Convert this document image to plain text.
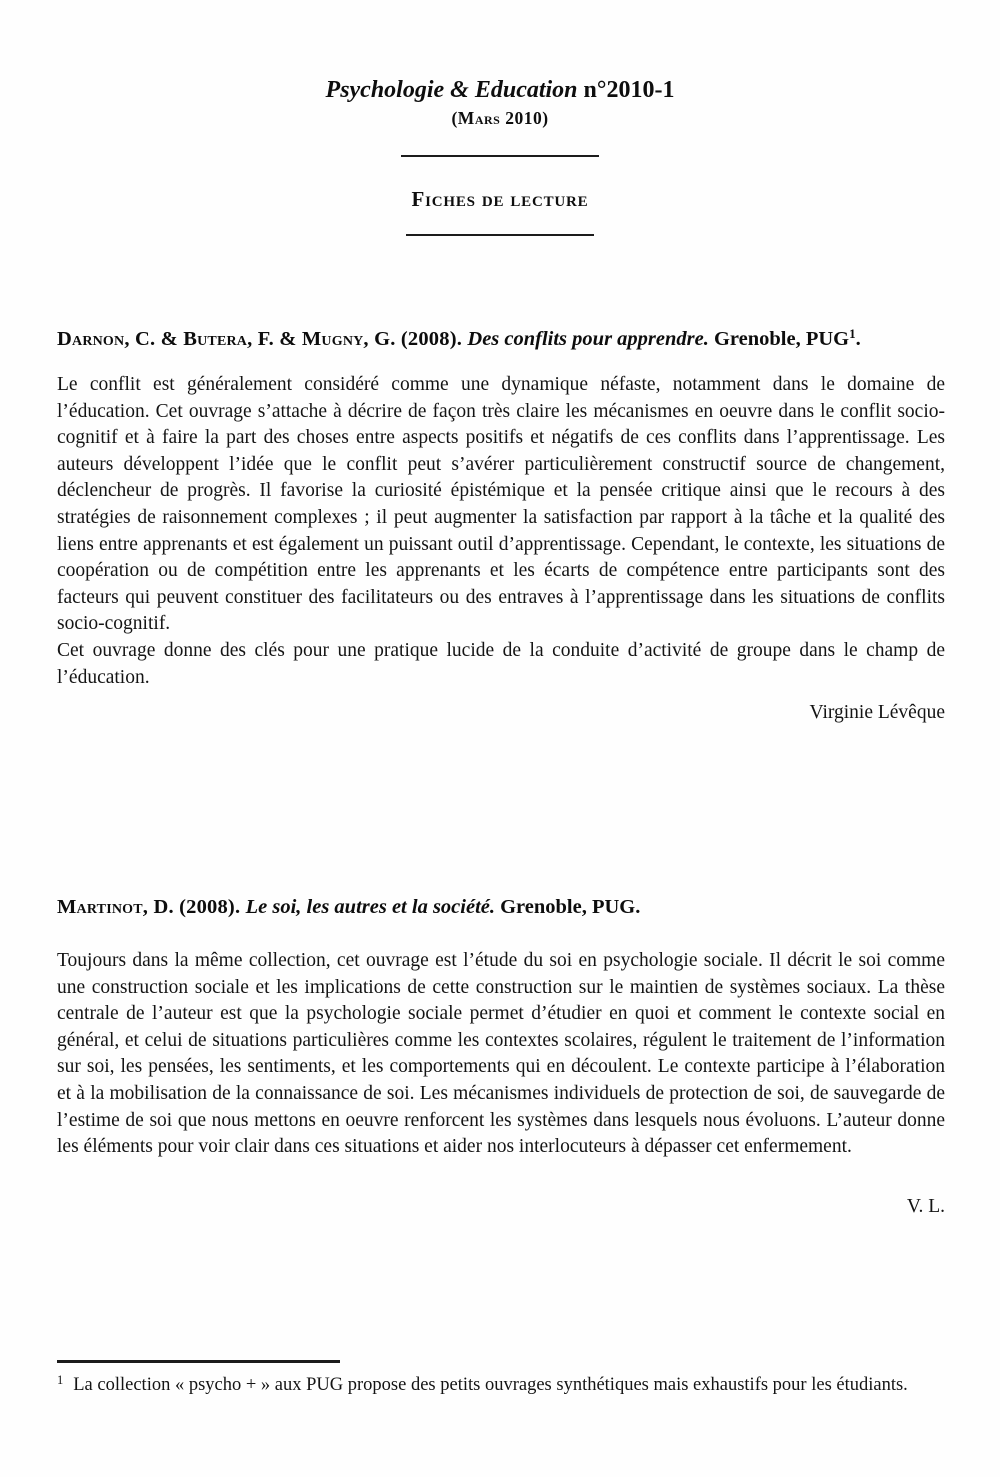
Psychologie & Education n°2010-1
(Mars 2010)
Fiches de lecture
Darnon, C. & Butera, F. & Mugny, G. (2008). Des conflits pour apprendre. Grenoble, PUG$^1$.

Le conflit est généralement considéré comme une dynamique néfaste, notamment dans le domaine de l’éducation. Cet ouvrage s’attache à décrire de façon très claire les mécanismes en oeuvre dans le conflit socio-cognitif et à faire la part des choses entre aspects positifs et négatifs de ces conflits dans l’apprentissage. Les auteurs développent l’idée que le conflit peut s’avérer particulièrement constructif source de changement, déclencheur de progrès. Il favorise la curiosité épistémique et la pensée critique ainsi que le recours à des stratégies de raisonnement complexes ; il peut augmenter la satisfaction par rapport à la tâche et la qualité des liens entre apprenants et est également un puissant outil d’apprentissage. Cependant, le contexte, les situations de coopération ou de compétition entre les apprenants et les écarts de compétence entre participants sont des facteurs qui peuvent constituer des facilitateurs ou des entraves à l’apprentissage dans les situations de conflits socio-cognitif.

Cet ouvrage donne des clés pour une pratique lucide de la conduite d’activité de groupe dans le champ de l’éducation.

Virginie Lévêque

Martinot, D. (2008). Le soi, les autres et la société. Grenoble, PUG.

Toujours dans la même collection, cet ouvrage est l’étude du soi en psychologie sociale. Il décrit le soi comme une construction sociale et les implications de cette construction sur le maintien de systèmes sociaux. La thèse centrale de l’auteur est que la psychologie sociale permet d’étudier en quoi et comment le contexte social en général, et celui de situations particulières comme les contextes scolaires, régulent le traitement de l’information sur soi, les pensées, les sentiments, et les comportements qui en découlent. Le contexte participe à l’élaboration et à la mobilisation de la connaissance de soi. Les mécanismes individuels de protection de soi, de sauvegarde de l’estime de soi que nous mettons en oeuvre renforcent les systèmes dans lesquels nous évoluons. L’auteur donne les éléments pour voir clair dans ces situations et aider nos interlocuteurs à dépasser cet enfermement.

V. L.

$^1$ La collection « psycho + » aux PUG propose des petits ouvrages synthétiques mais exhaustifs pour les étudiants.
